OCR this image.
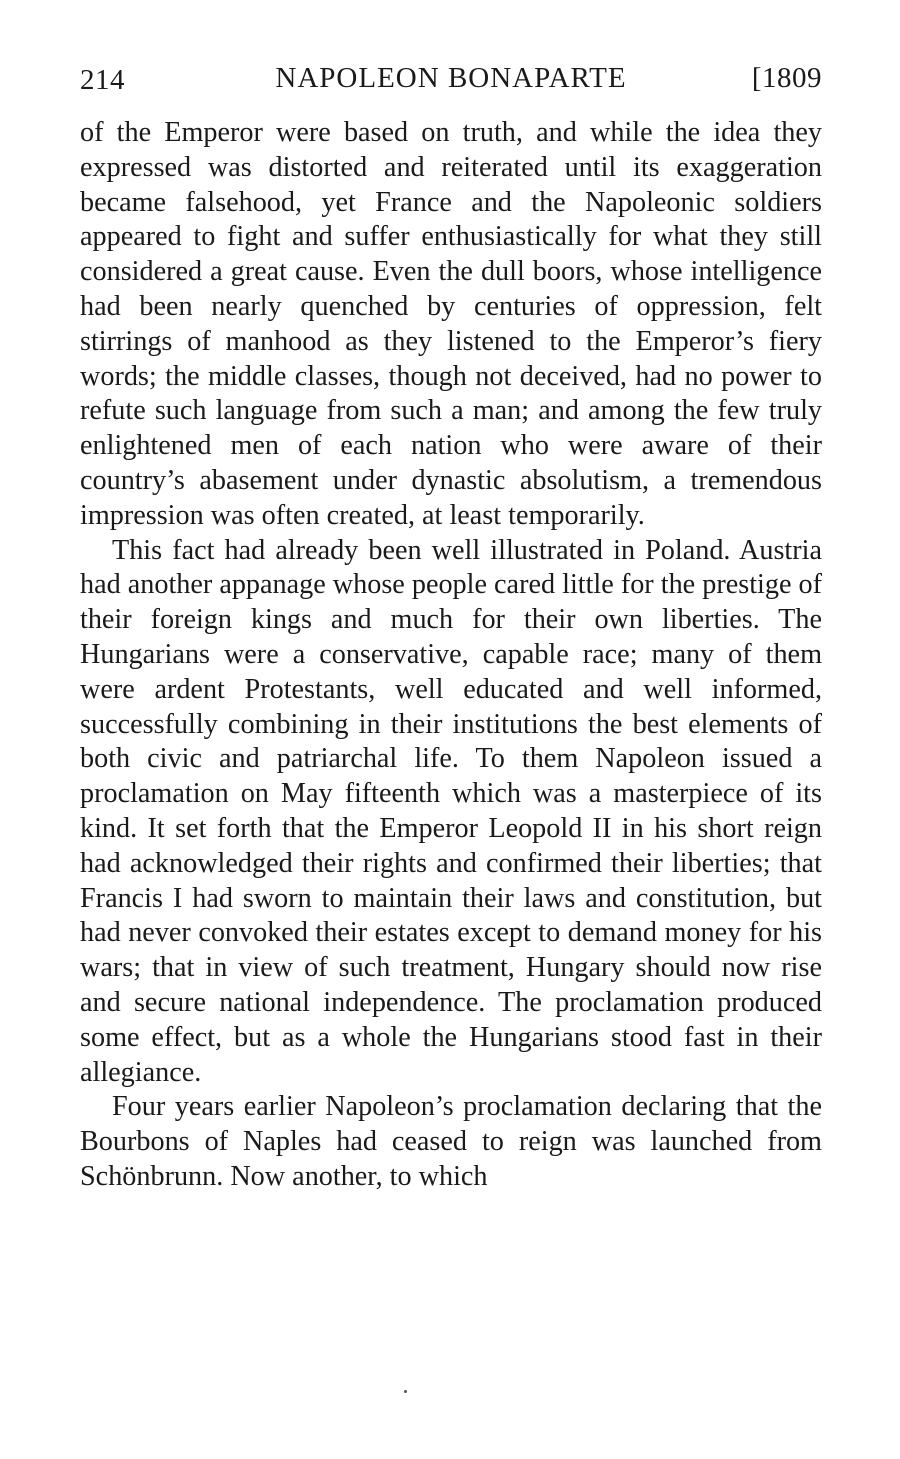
214	NAPOLEON BONAPARTE	[1809

of the Emperor were based on truth, and while the idea they expressed was distorted and reiterated until its exaggeration became falsehood, yet France and the Napoleonic soldiers appeared to fight and suffer enthusiastically for what they still considered a great cause. Even the dull boors, whose intelligence had been nearly quenched by centuries of oppression, felt stirrings of manhood as they listened to the Emperor’s fiery words; the middle classes, though not deceived, had no power to refute such language from such a man; and among the few truly enlightened men of each nation who were aware of their country’s abasement under dynastic absolutism, a tremendous impression was often created, at least temporarily.

This fact had already been well illustrated in Poland. Austria had another appanage whose people cared little for the prestige of their foreign kings and much for their own liberties. The Hungarians were a conservative, capable race; many of them were ardent Protestants, well educated and well informed, successfully combining in their institutions the best elements of both civic and patriarchal life. To them Napoleon issued a proclamation on May fifteenth which was a masterpiece of its kind. It set forth that the Emperor Leopold II in his short reign had acknowledged their rights and confirmed their liberties; that Francis I had sworn to maintain their laws and constitution, but had never convoked their estates except to demand money for his wars; that in view of such treatment, Hungary should now rise and secure national independence. The proclamation produced some effect, but as a whole the Hungarians stood fast in their allegiance.

Four years earlier Napoleon’s proclamation declaring that the Bourbons of Naples had ceased to reign was launched from Schönbrunn. Now another, to which
